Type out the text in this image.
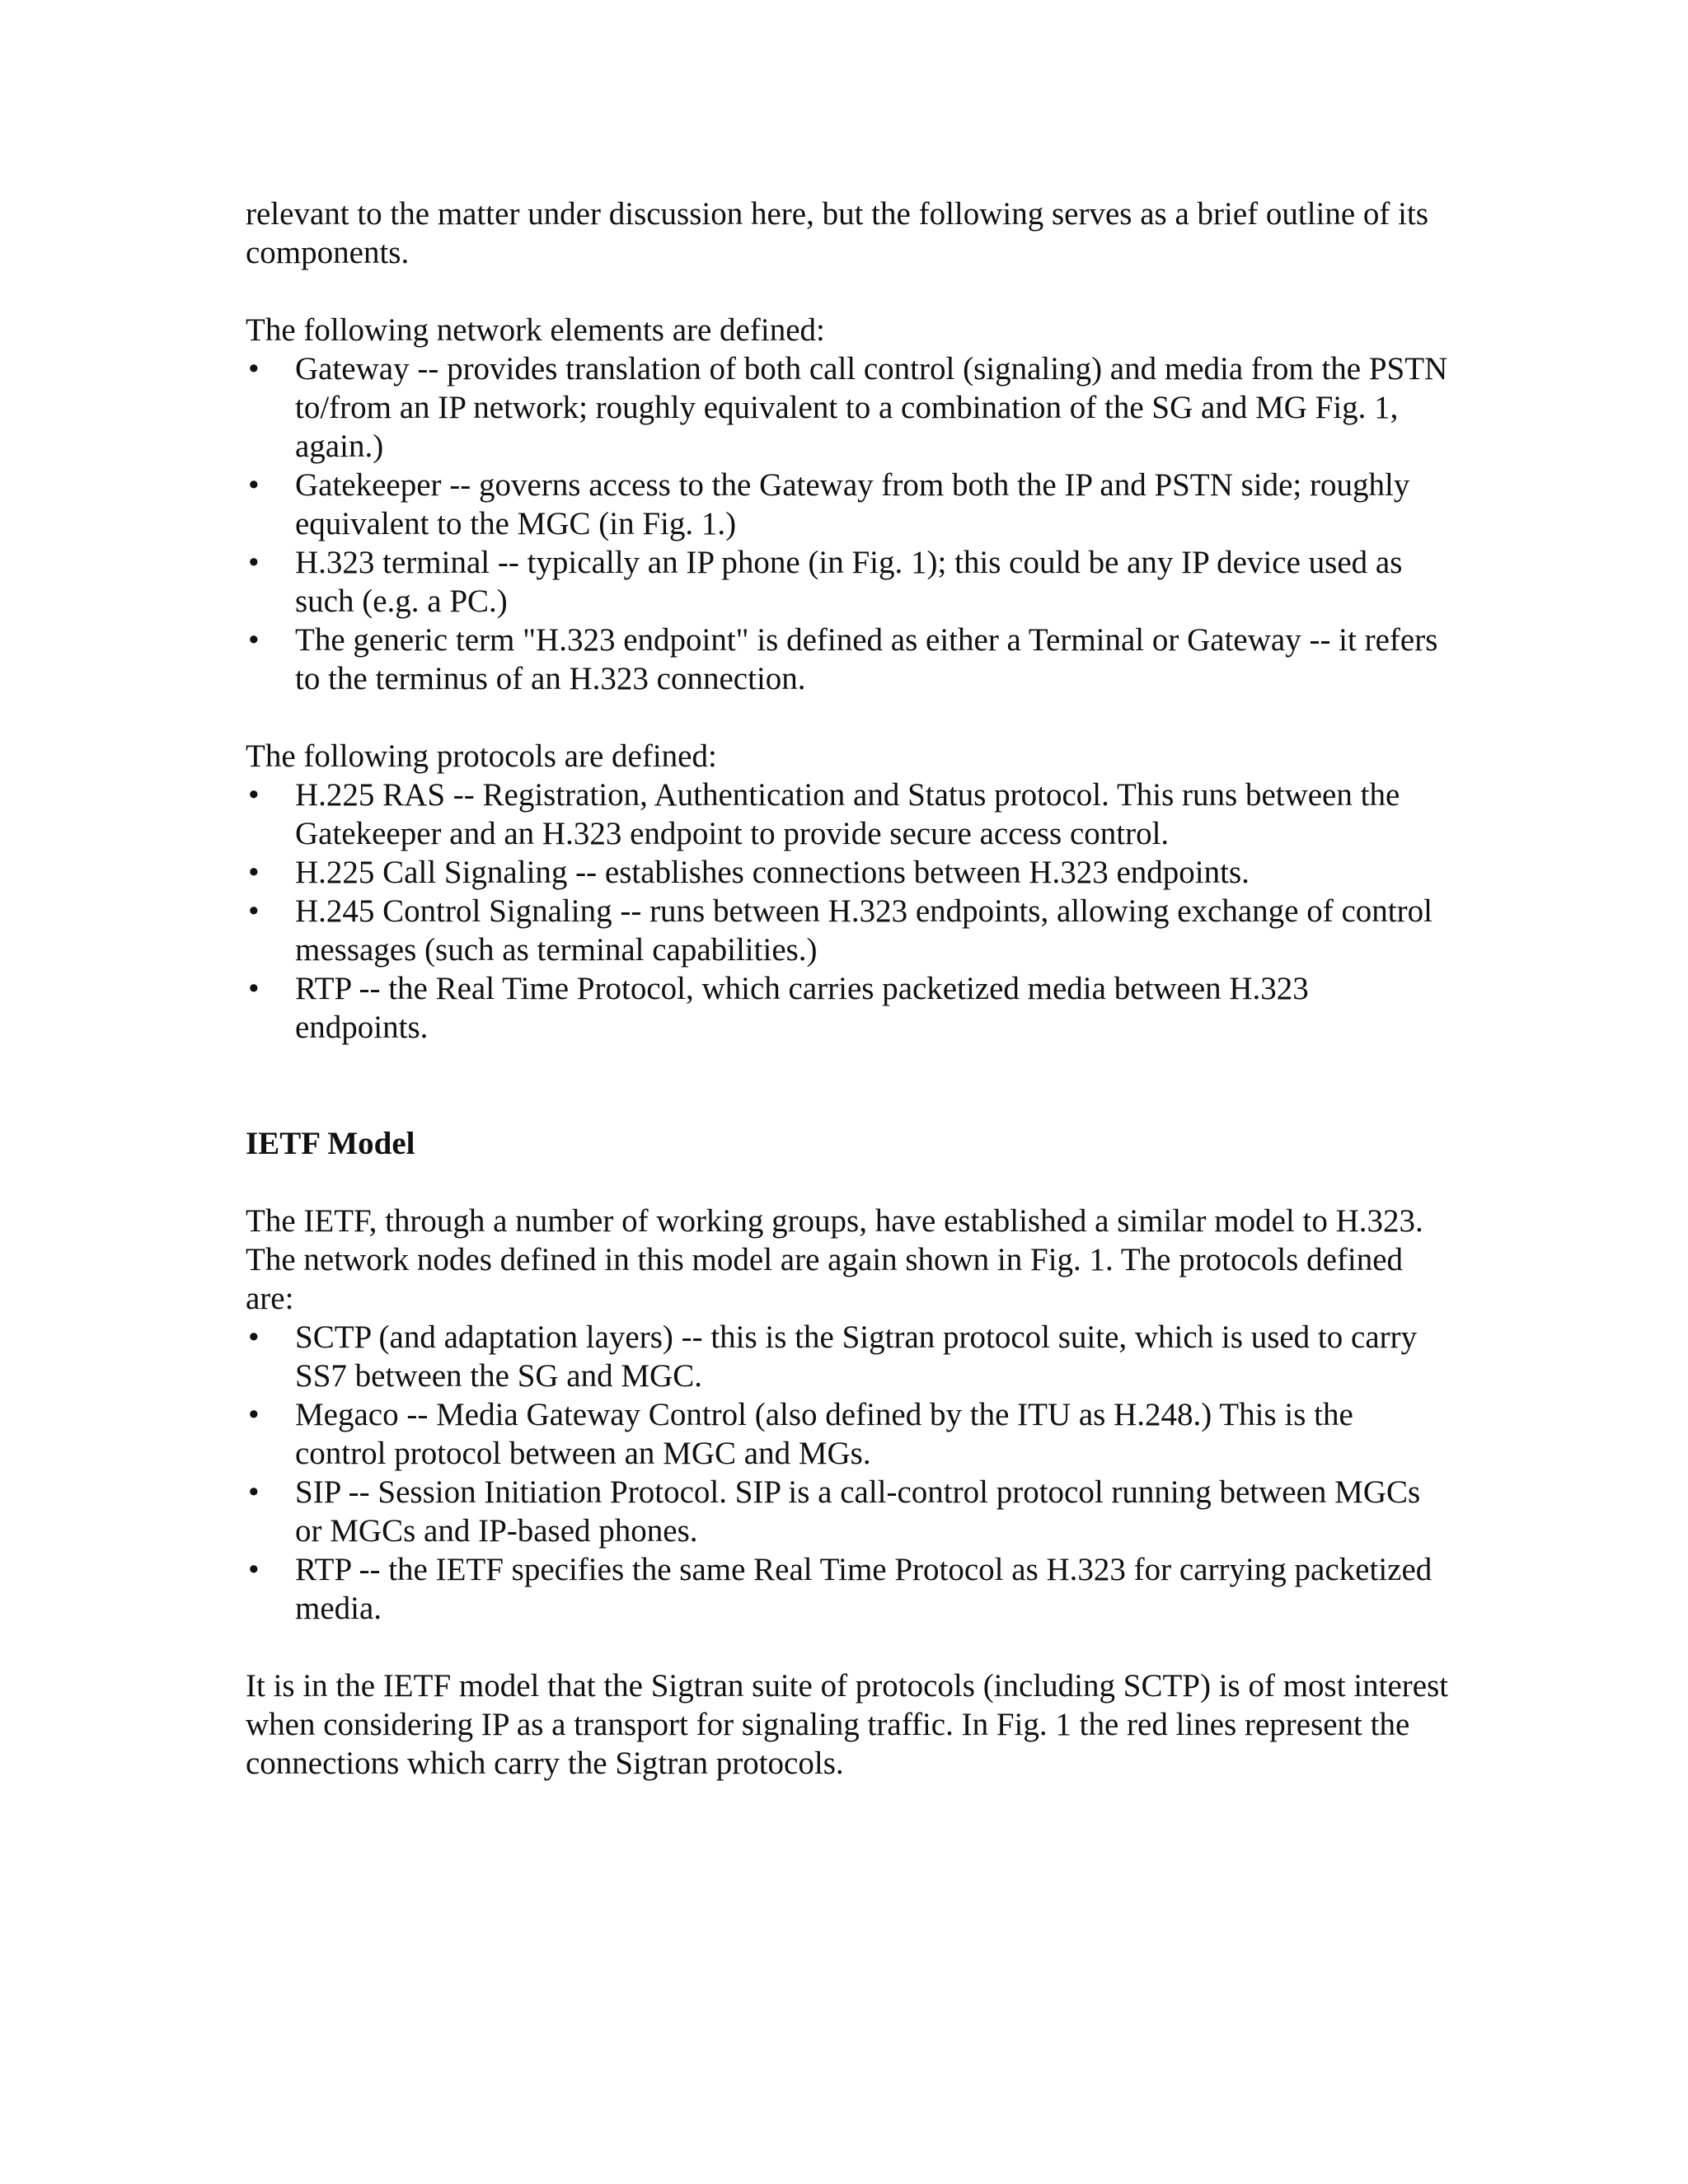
relevant to the matter under discussion here, but the following serves as a brief outline of its components.

The following network elements are defined:

•	Gateway -- provides translation of both call control (signaling) and media from the PSTN to/from an IP network; roughly equivalent to a combination of the SG and MG Fig. 1, again.)
•	Gatekeeper -- governs access to the Gateway from both the IP and PSTN side; roughly equivalent to the MGC (in Fig. 1.)
•	H.323 terminal -- typically an IP phone (in Fig. 1); this could be any IP device used as such (e.g. a PC.)
•	The generic term "H.323 endpoint" is defined as either a Terminal or Gateway -- it refers to the terminus of an H.323 connection.

The following protocols are defined:

•	H.225 RAS -- Registration, Authentication and Status protocol. This runs between the Gatekeeper and an H.323 endpoint to provide secure access control.
•	H.225 Call Signaling -- establishes connections between H.323 endpoints.
•	H.245 Control Signaling -- runs between H.323 endpoints, allowing exchange of control messages (such as terminal capabilities.)
•	RTP -- the Real Time Protocol, which carries packetized media between H.323 endpoints.

IETF Model

The IETF, through a number of working groups, have established a similar model to H.323. The network nodes defined in this model are again shown in Fig. 1. The protocols defined are:

•	SCTP (and adaptation layers) -- this is the Sigtran protocol suite, which is used to carry SS7 between the SG and MGC.
•	Megaco -- Media Gateway Control (also defined by the ITU as H.248.) This is the control protocol between an MGC and MGs.
•	SIP -- Session Initiation Protocol. SIP is a call-control protocol running between MGCs or MGCs and IP-based phones.
•	RTP -- the IETF specifies the same Real Time Protocol as H.323 for carrying packetized media.

It is in the IETF model that the Sigtran suite of protocols (including SCTP) is of most interest when considering IP as a transport for signaling traffic. In Fig. 1 the red lines represent the connections which carry the Sigtran protocols.
